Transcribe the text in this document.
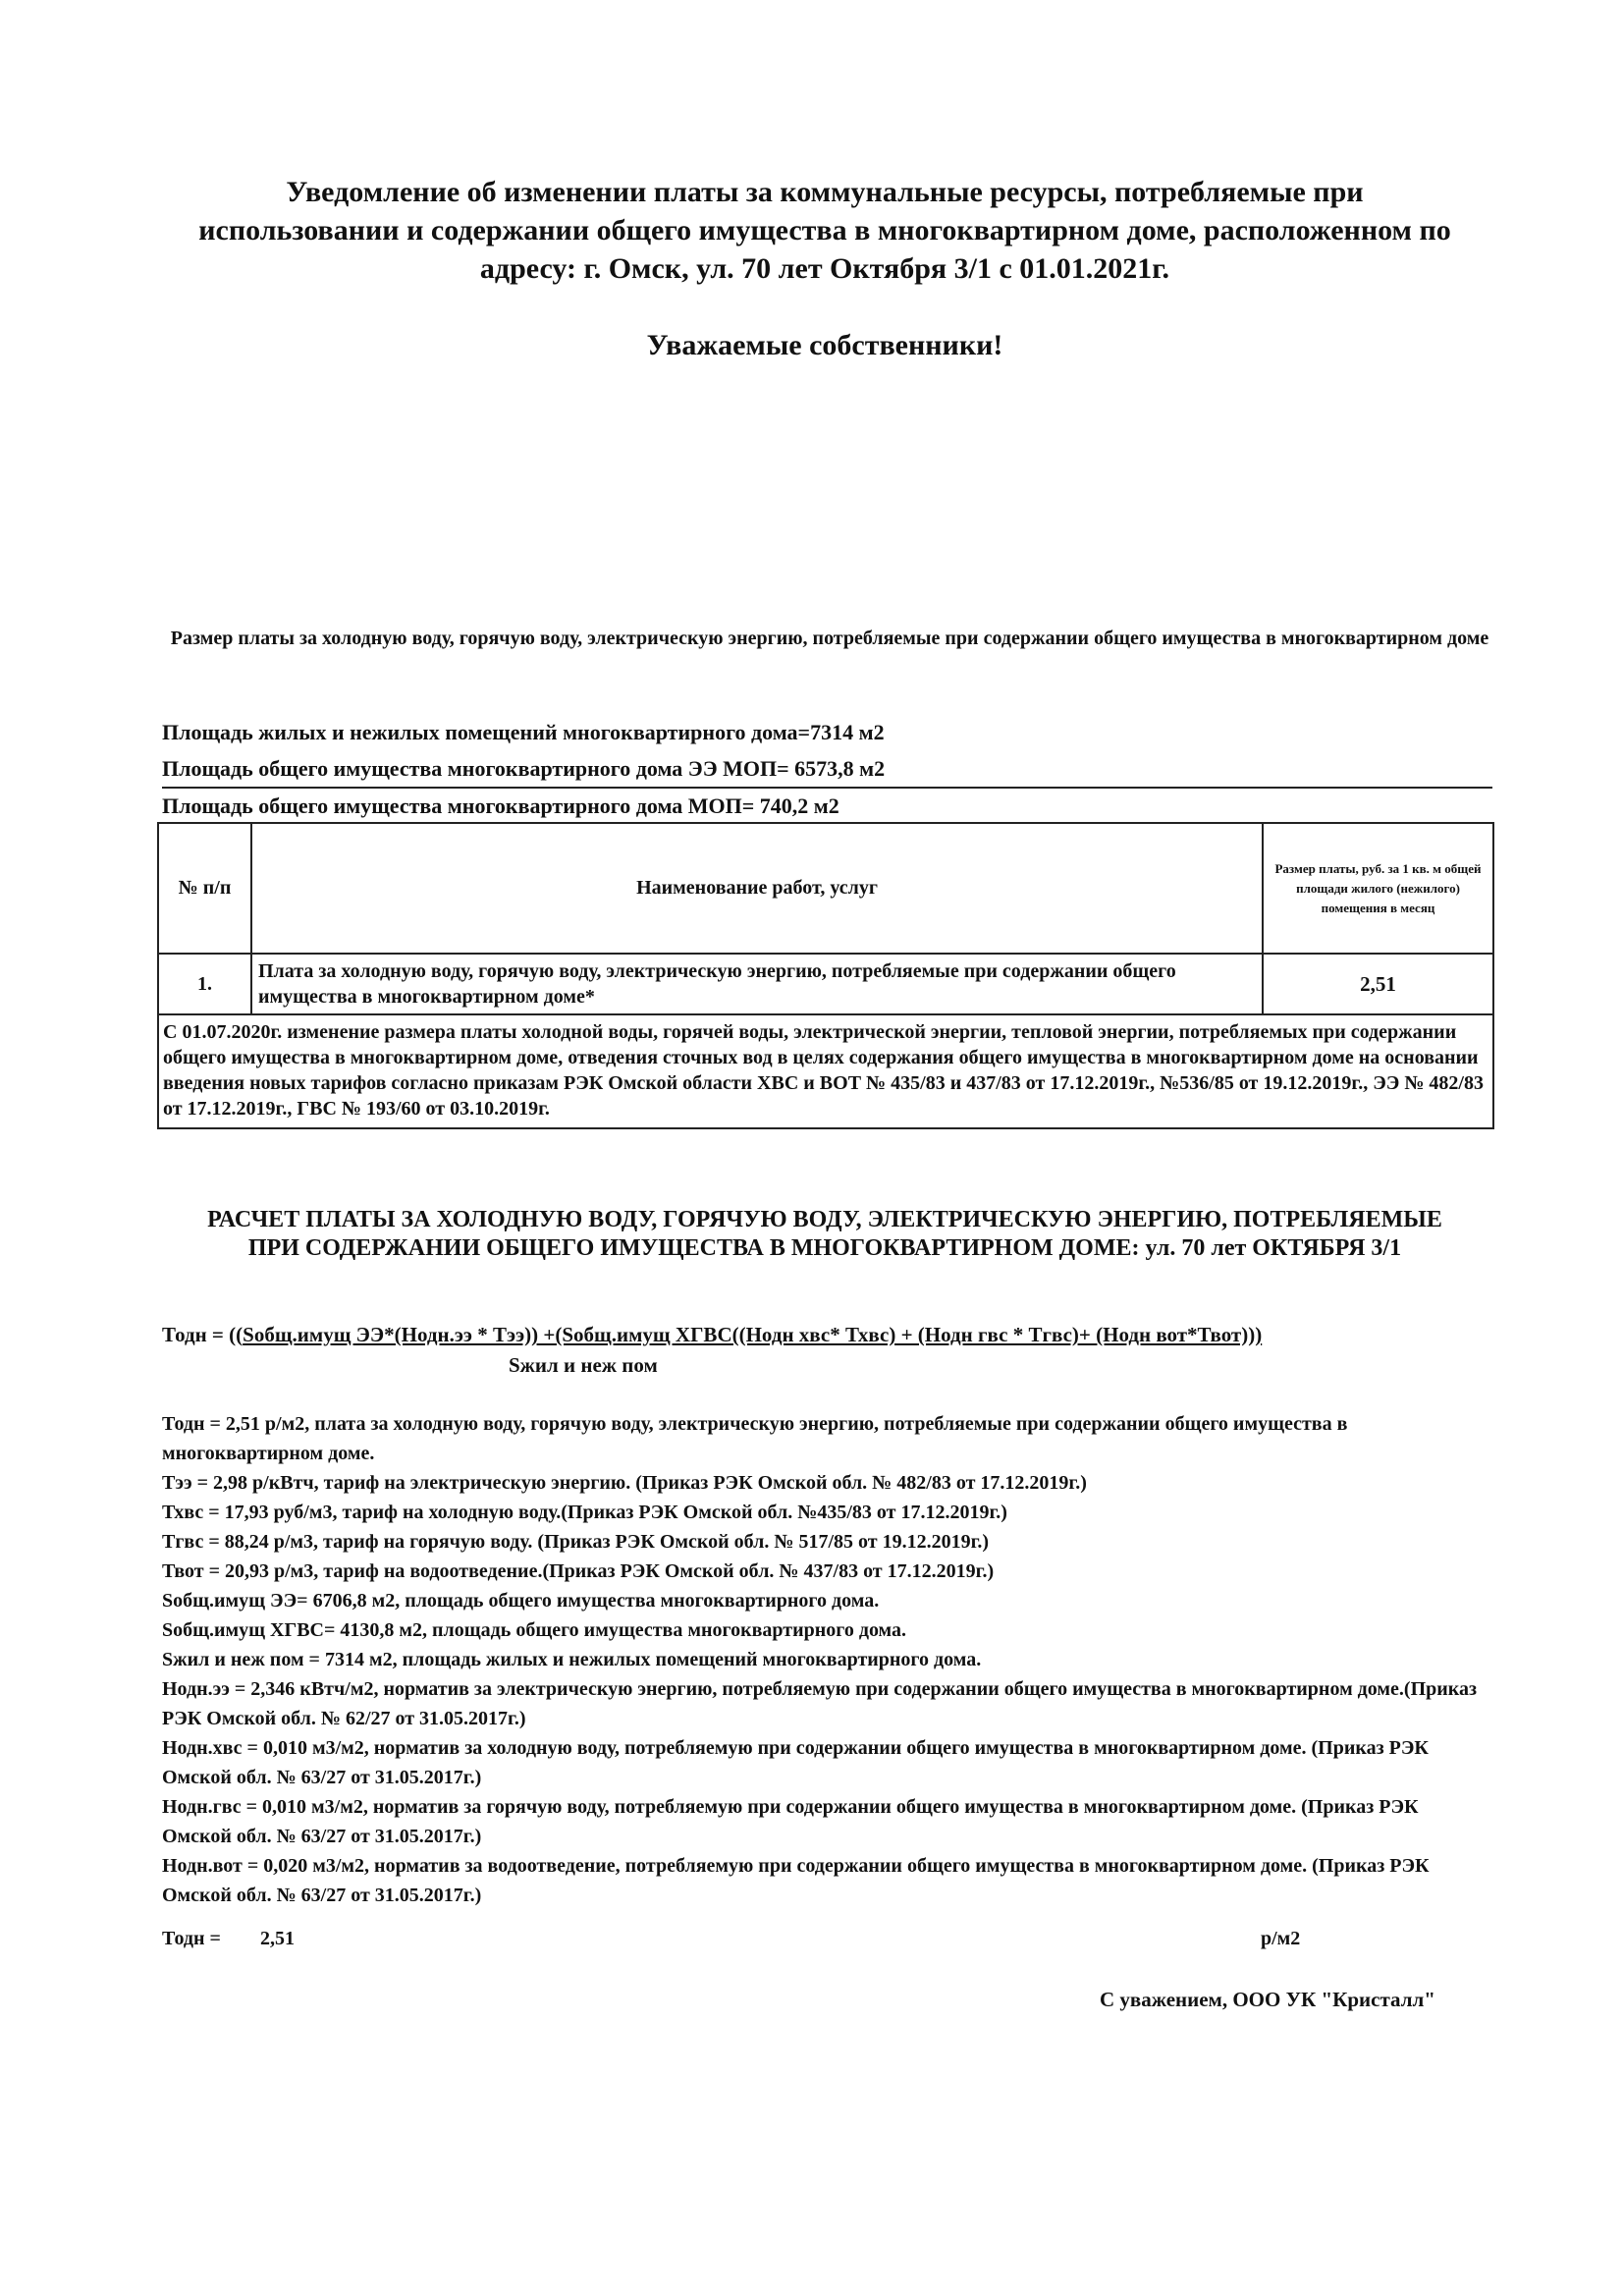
Уведомление об изменении платы за коммунальные ресурсы, потребляемые при использовании и содержании общего имущества в многоквартирном доме, расположенном по адресу: г. Омск, ул. 70 лет Октября 3/1 с 01.01.2021г.
Уважаемые собственники!
Размер платы за холодную воду, горячую воду, электрическую энергию, потребляемые при содержании общего имущества в многоквартирном доме
Площадь жилых и нежилых помещений многоквартирного дома=7314 м2
Площадь общего имущества многоквартирного дома ЭЭ МОП= 6573,8 м2
Площадь общего имущества многоквартирного дома МОП= 740,2 м2
№ п/п	Наименование работ, услуг	Размер платы, руб. за 1 кв. м общей площади жилого (нежилого) помещения в месяц
1.	Плата за холодную воду, горячую воду, электрическую энергию, потребляемые при содержании общего имущества в многоквартирном доме*	2,51
С 01.07.2020г. изменение размера платы холодной воды, горячей воды, электрической энергии, тепловой энергии, потребляемых при содержании общего имущества в многоквартирном доме, отведения сточных вод в целях содержания общего имущества в многоквартирном доме на основании введения новых тарифов согласно приказам РЭК Омской области ХВС и ВОТ № 435/83 и 437/83 от 17.12.2019г., №536/85 от 19.12.2019г., ЭЭ № 482/83 от 17.12.2019г., ГВС № 193/60 от 03.10.2019г.		
РАСЧЕТ ПЛАТЫ ЗА ХОЛОДНУЮ ВОДУ, ГОРЯЧУЮ ВОДУ, ЭЛЕКТРИЧЕСКУЮ ЭНЕРГИЮ, ПОТРЕБЛЯЕМЫЕ ПРИ СОДЕРЖАНИИ ОБЩЕГО ИМУЩЕСТВА В МНОГОКВАРТИРНОМ ДОМЕ: ул. 70 лет ОКТЯБРЯ 3/1
Тодн = ((Sобщ.имущ ЭЭ*(Нодн.ээ * Тээ)) +(Sобщ.имущ ХГВС((Нодн хвс* Тхвс) + (Нодн гвс * Тгвс)+ (Нодн вот*Твот)))
Sжил и неж пом

Тодн = 2,51 р/м2, плата за холодную воду, горячую воду, электрическую энергию, потребляемые при содержании общего имущества в многоквартирном доме.

Тээ = 2,98 р/кВтч, тариф на электрическую энергию. (Приказ РЭК Омской обл. № 482/83 от 17.12.2019г.)

Тхвс = 17,93 руб/м3, тариф на холодную воду.(Приказ РЭК Омской обл. №435/83 от 17.12.2019г.)

Тгвс = 88,24 р/м3, тариф на горячую воду. (Приказ РЭК Омской обл. № 517/85 от 19.12.2019г.)

Твот = 20,93 р/м3, тариф на водоотведение.(Приказ РЭК Омской обл. № 437/83 от 17.12.2019г.)

Sобщ.имущ ЭЭ= 6706,8 м2, площадь общего имущества многоквартирного дома.

Sобщ.имущ ХГВС= 4130,8 м2, площадь общего имущества многоквартирного дома.

Sжил и неж пом = 7314 м2, площадь жилых и нежилых помещений многоквартирного дома.

Нодн.ээ = 2,346 кВтч/м2, норматив за электрическую энергию, потребляемую при содержании общего имущества в многоквартирном доме.(Приказ РЭК Омской обл. № 62/27 от 31.05.2017г.)

Нодн.хвс = 0,010 м3/м2, норматив за холодную воду, потребляемую при содержании общего имущества в многоквартирном доме. (Приказ РЭК Омской обл. № 63/27 от 31.05.2017г.)

Нодн.гвс = 0,010 м3/м2, норматив за горячую воду, потребляемую при содержании общего имущества в многоквартирном доме. (Приказ РЭК Омской обл. № 63/27 от 31.05.2017г.)

Нодн.вот = 0,020 м3/м2, норматив за водоотведение, потребляемую при содержании общего имущества в многоквартирном доме. (Приказ РЭК Омской обл. № 63/27 от 31.05.2017г.)

Тодн = 2,51	р/м2
С уважением, ООО УК "Кристалл"
